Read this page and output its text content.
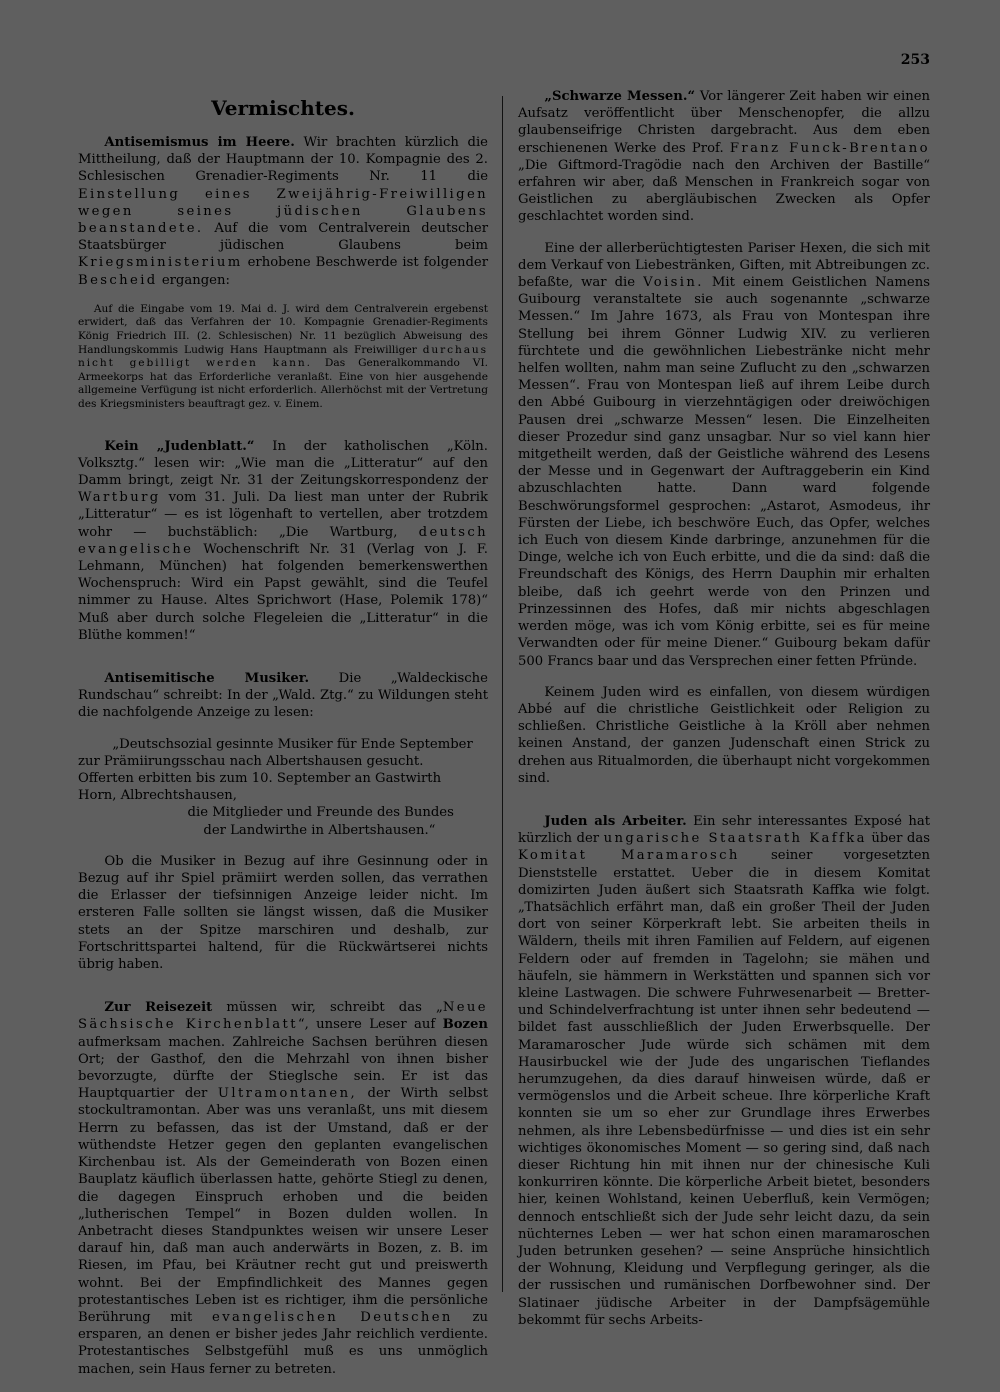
253
Vermischtes.

Antisemismus im Heere. Wir brachten kürzlich die Mittheilung, daß der Hauptmann der 10. Kompagnie des 2. Schlesischen Grenadier-Regiments Nr. 11 die Einstellung eines Zweijährig-Freiwilligen wegen seines jüdischen Glaubens beanstandete. Auf die vom Centralverein deutscher Staatsbürger jüdischen Glaubens beim Kriegsministerium erhobene Beschwerde ist folgender Bescheid ergangen:

Auf die Eingabe vom 19. Mai d. J. wird dem Centralverein ergebenst erwidert, daß das Verfahren der 10. Kompagnie Grenadier-Regiments König Friedrich III. (2. Schlesischen) Nr. 11 bezüglich Abweisung des Handlungskommis Ludwig Hans Hauptmann als Freiwilliger durchaus nicht gebilligt werden kann. Das Generalkommando VI. Armeekorps hat das Erforderliche veranlaßt. Eine von hier ausgehende allgemeine Verfügung ist nicht erforderlich. Allerhöchst mit der Vertretung des Kriegsministers beauftragt gez. v. Einem.

Kein „Judenblatt.“ In der katholischen „Köln. Volksztg.“ lesen wir: „Wie man die „Litteratur“ auf den Damm bringt, zeigt Nr. 31 der Zeitungskorrespondenz der Wartburg vom 31. Juli. Da liest man unter der Rubrik „Litteratur“ — es ist lögenhaft to vertellen, aber trotzdem wohr — buchstäblich: „Die Wartburg, deutsch evangelische Wochenschrift Nr. 31 (Verlag von J. F. Lehmann, München) hat folgenden bemerkenswerthen Wochenspruch: Wird ein Papst gewählt, sind die Teufel nimmer zu Hause. Altes Sprichwort (Hase, Polemik 178)“ Muß aber durch solche Flegeleien die „Litteratur“ in die Blüthe kommen!“

Antisemitische Musiker. Die „Waldeckische Rundschau“ schreibt: In der „Wald. Ztg.“ zu Wildungen steht die nachfolgende Anzeige zu lesen:

„Deutschsozial gesinnte Musiker für Ende September
zur Prämiirungsschau nach Albertshausen gesucht.
Offerten erbitten bis zum 10. September an Gastwirth
Horn, Albrechtshausen,
die Mitglieder und Freunde des Bundes
der Landwirthe in Albertshausen.“

Ob die Musiker in Bezug auf ihre Gesinnung oder in Bezug auf ihr Spiel prämiirt werden sollen, das verrathen die Erlasser der tiefsinnigen Anzeige leider nicht. Im ersteren Falle sollten sie längst wissen, daß die Musiker stets an der Spitze marschiren und deshalb, zur Fortschrittspartei haltend, für die Rückwärtserei nichts übrig haben.

Zur Reisezeit müssen wir, schreibt das „Neue Sächsische Kirchenblatt“, unsere Leser auf Bozen aufmerksam machen. Zahlreiche Sachsen berühren diesen Ort; der Gasthof, den die Mehrzahl von ihnen bisher bevorzugte, dürfte der Stieglsche sein. Er ist das Hauptquartier der Ultramontanen, der Wirth selbst stockultramontan. Aber was uns veranlaßt, uns mit diesem Herrn zu befassen, das ist der Umstand, daß er der wüthendste Hetzer gegen den geplanten evangelischen Kirchenbau ist. Als der Gemeinderath von Bozen einen Bauplatz käuflich überlassen hatte, gehörte Stiegl zu denen, die dagegen Einspruch erhoben und die beiden „lutherischen Tempel“ in Bozen dulden wollen. In Anbetracht dieses Standpunktes weisen wir unsere Leser darauf hin, daß man auch anderwärts in Bozen, z. B. im Riesen, im Pfau, bei Kräutner recht gut und preiswerth wohnt. Bei der Empfindlichkeit des Mannes gegen protestantisches Leben ist es richtiger, ihm die persönliche Berührung mit evangelischen Deutschen zu ersparen, an denen er bisher jedes Jahr reichlich verdiente. Protestantisches Selbstgefühl muß es uns unmöglich machen, sein Haus ferner zu betreten.

„Schwarze Messen.“ Vor längerer Zeit haben wir einen Aufsatz veröffentlicht über Menschenopfer, die allzu glaubenseifrige Christen dargebracht. Aus dem eben erschienenen Werke des Prof. Franz Funck-Brentano „Die Giftmord-Tragödie nach den Archiven der Bastille“ erfahren wir aber, daß Menschen in Frankreich sogar von Geistlichen zu abergläubischen Zwecken als Opfer geschlachtet worden sind.

Eine der allerberüchtigtesten Pariser Hexen, die sich mit dem Verkauf von Liebestränken, Giften, mit Abtreibungen zc. befaßte, war die Voisin. Mit einem Geistlichen Namens Guibourg veranstaltete sie auch sogenannte „schwarze Messen.“ Im Jahre 1673, als Frau von Montespan ihre Stellung bei ihrem Gönner Ludwig XIV. zu verlieren fürchtete und die gewöhnlichen Liebestränke nicht mehr helfen wollten, nahm man seine Zuflucht zu den „schwarzen Messen“. Frau von Montespan ließ auf ihrem Leibe durch den Abbé Guibourg in vierzehntägigen oder dreiwöchigen Pausen drei „schwarze Messen“ lesen. Die Einzelheiten dieser Prozedur sind ganz unsagbar. Nur so viel kann hier mitgetheilt werden, daß der Geistliche während des Lesens der Messe und in Gegenwart der Auftraggeberin ein Kind abzuschlachten hatte. Dann ward folgende Beschwörungsformel gesprochen: „Astarot, Asmodeus, ihr Fürsten der Liebe, ich beschwöre Euch, das Opfer, welches ich Euch von diesem Kinde darbringe, anzunehmen für die Dinge, welche ich von Euch erbitte, und die da sind: daß die Freundschaft des Königs, des Herrn Dauphin mir erhalten bleibe, daß ich geehrt werde von den Prinzen und Prinzessinnen des Hofes, daß mir nichts abgeschlagen werden möge, was ich vom König erbitte, sei es für meine Verwandten oder für meine Diener.“ Guibourg bekam dafür 500 Francs baar und das Versprechen einer fetten Pfründe.

Keinem Juden wird es einfallen, von diesem würdigen Abbé auf die christliche Geistlichkeit oder Religion zu schließen. Christliche Geistliche à la Kröll aber nehmen keinen Anstand, der ganzen Judenschaft einen Strick zu drehen aus Ritualmorden, die überhaupt nicht vorgekommen sind.

Juden als Arbeiter. Ein sehr interessantes Exposé hat kürzlich der ungarische Staatsrath Kaffka über das Komitat Maramarosch seiner vorgesetzten Dienststelle erstattet. Ueber die in diesem Komitat domizirten Juden äußert sich Staatsrath Kaffka wie folgt. „Thatsächlich erfährt man, daß ein großer Theil der Juden dort von seiner Körperkraft lebt. Sie arbeiten theils in Wäldern, theils mit ihren Familien auf Feldern, auf eigenen Feldern oder auf fremden in Tagelohn; sie mähen und häufeln, sie hämmern in Werkstätten und spannen sich vor kleine Lastwagen. Die schwere Fuhrwesenarbeit — Bretter- und Schindelverfrachtung ist unter ihnen sehr bedeutend — bildet fast ausschließlich der Juden Erwerbsquelle. Der Maramaroscher Jude würde sich schämen mit dem Hausirbuckel wie der Jude des ungarischen Tieflandes herumzugehen, da dies darauf hinweisen würde, daß er vermögenslos und die Arbeit scheue. Ihre körperliche Kraft konnten sie um so eher zur Grundlage ihres Erwerbes nehmen, als ihre Lebensbedürfnisse — und dies ist ein sehr wichtiges ökonomisches Moment — so gering sind, daß nach dieser Richtung hin mit ihnen nur der chinesische Kuli konkurriren könnte. Die körperliche Arbeit bietet, besonders hier, keinen Wohlstand, keinen Ueberfluß, kein Vermögen; dennoch entschließt sich der Jude sehr leicht dazu, da sein nüchternes Leben — wer hat schon einen maramaroschen Juden betrunken gesehen? — seine Ansprüche hinsichtlich der Wohnung, Kleidung und Verpflegung geringer, als die der russischen und rumänischen Dorfbewohner sind. Der Slatinaer jüdische Arbeiter in der Dampfsägemühle bekommt für sechs Arbeits-
